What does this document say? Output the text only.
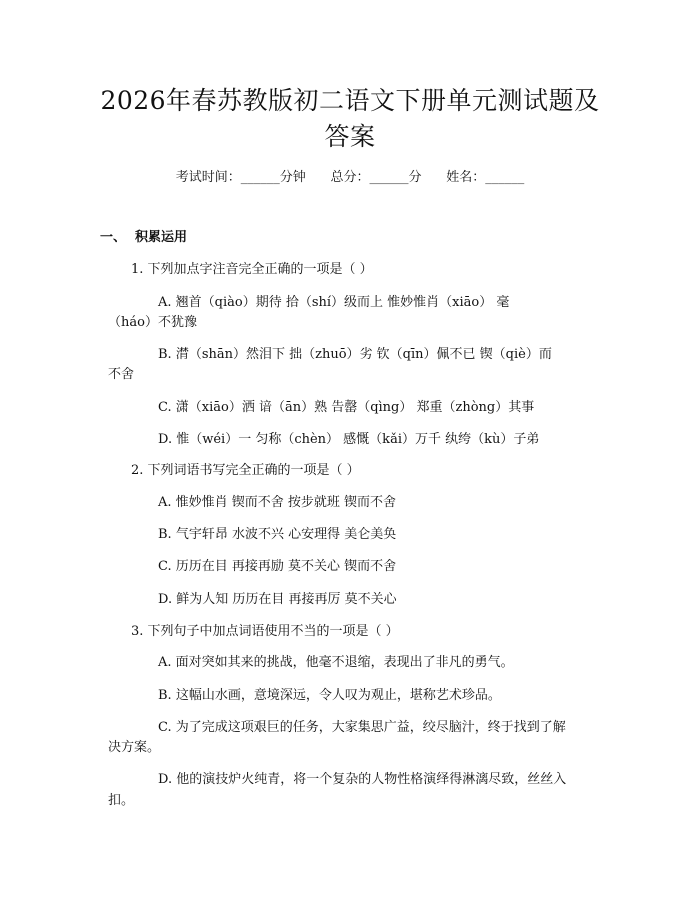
2026年春苏教版初二语文下册单元测试题及
答案
考试时间：______分钟      总分：______分      姓名：______
一、  积累运用
1. 下列加点字注音完全正确的一项是（ ）
A. 翘首（qiào）期待 拾（shí）级而上 惟妙惟肖（xiāo） 毫
（háo）不犹豫
B. 潸（shān）然泪下 拙（zhuō）劣 钦（qīn）佩不已 锲（qiè）而
不舍
C. 潇（xiāo）洒 谙（ān）熟 告罄（qìng） 郑重（zhòng）其事
D. 惟（wéi）一 匀称（chèn） 感慨（kǎi）万千 纨绔（kù）子弟
2. 下列词语书写完全正确的一项是（ ）
A. 惟妙惟肖 锲而不舍 按步就班 锲而不舍
B. 气宇轩昂 水波不兴 心安理得 美仑美奂
C. 历历在目 再接再励 莫不关心 锲而不舍
D. 鲜为人知 历历在目 再接再厉 莫不关心
3. 下列句子中加点词语使用不当的一项是（ ）
A. 面对突如其来的挑战，他毫不退缩，表现出了非凡的勇气。
B. 这幅山水画，意境深远，令人叹为观止，堪称艺术珍品。
C. 为了完成这项艰巨的任务，大家集思广益，绞尽脑汁，终于找到了解
决方案。
D. 他的演技炉火纯青，将一个复杂的人物性格演绎得淋漓尽致，丝丝入
扣。
